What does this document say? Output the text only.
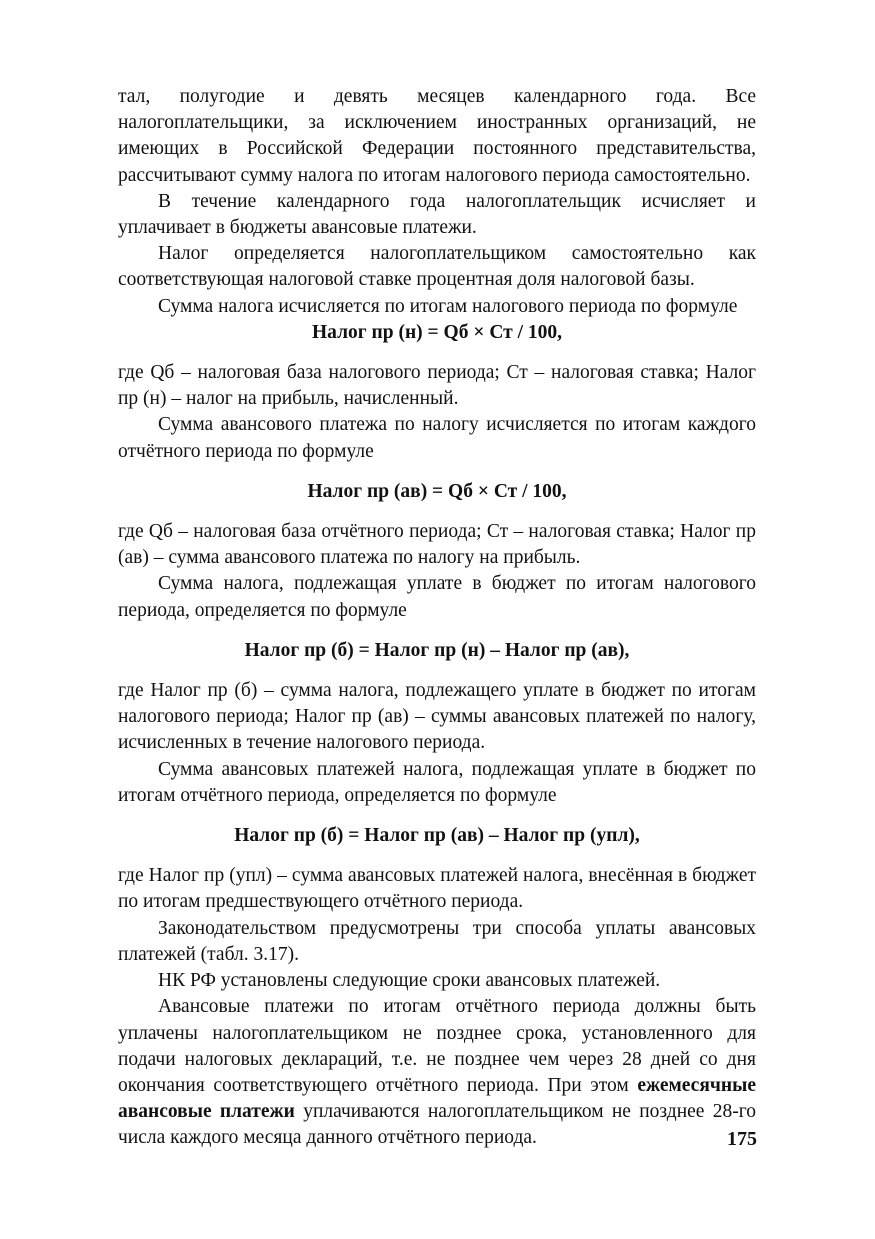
тал, полугодие и девять месяцев календарного года. Все налогоплательщики, за исключением иностранных организаций, не имеющих в Российской Федерации постоянного представительства, рассчитывают сумму налога по итогам налогового периода самостоятельно.

В течение календарного года налогоплательщик исчисляет и уплачивает в бюджеты авансовые платежи.

Налог определяется налогоплательщиком самостоятельно как соответствующая налоговой ставке процентная доля налоговой базы.

Сумма налога исчисляется по итогам налогового периода по формуле

Налог пр (н) = Qб × Ст / 100,

где Qб – налоговая база налогового периода; Ст – налоговая ставка; Налог пр (н) – налог на прибыль, начисленный.

Сумма авансового платежа по налогу исчисляется по итогам каждого отчётного периода по формуле

Налог пр (ав) = Qб × Ст / 100,

где Qб – налоговая база отчётного периода; Ст – налоговая ставка; Налог пр (ав) – сумма авансового платежа по налогу на прибыль.

Сумма налога, подлежащая уплате в бюджет по итогам налогового периода, определяется по формуле

Налог пр (б) = Налог пр (н) – Налог пр (ав),

где Налог пр (б) – сумма налога, подлежащего уплате в бюджет по итогам налогового периода; Налог пр (ав) – суммы авансовых платежей по налогу, исчисленных в течение налогового периода.

Сумма авансовых платежей налога, подлежащая уплате в бюджет по итогам отчётного периода, определяется по формуле

Налог пр (б) = Налог пр (ав) – Налог пр (упл),

где Налог пр (упл) – сумма авансовых платежей налога, внесённая в бюджет по итогам предшествующего отчётного периода.

Законодательством предусмотрены три способа уплаты авансовых платежей (табл. 3.17).

НК РФ установлены следующие сроки авансовых платежей.

Авансовые платежи по итогам отчётного периода должны быть уплачены налогоплательщиком не позднее срока, установленного для подачи налоговых деклараций, т.е. не позднее чем через 28 дней со дня окончания соответствующего отчётного периода. При этом ежемесячные авансовые платежи уплачиваются налогоплательщиком не позднее 28-го числа каждого месяца данного отчётного периода.	175
